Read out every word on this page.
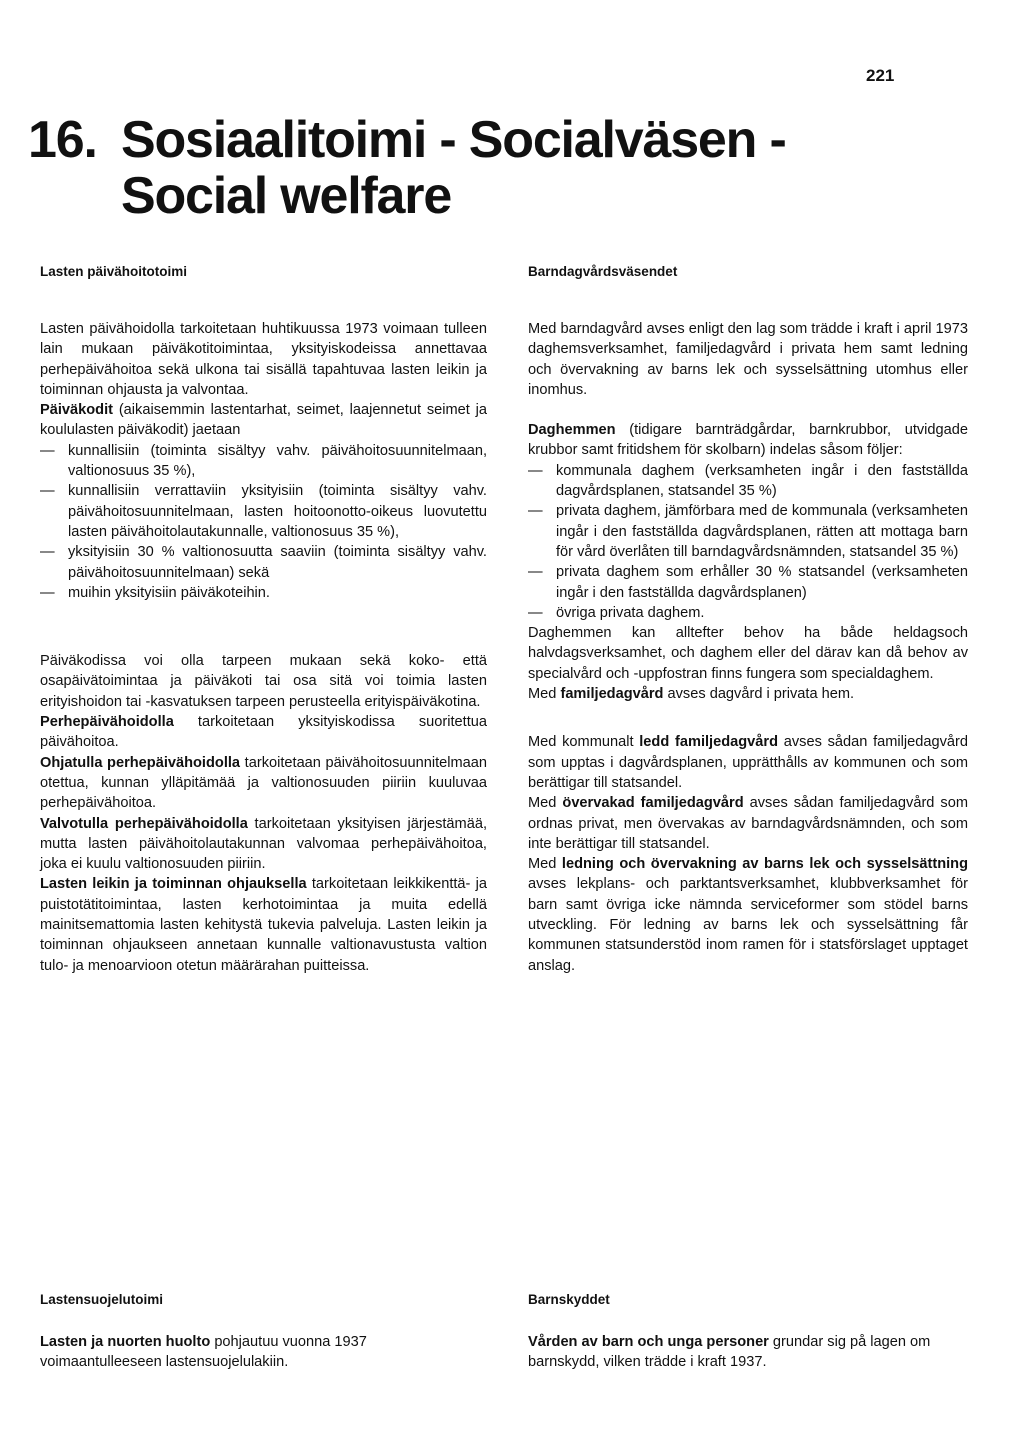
221
16. Sosiaalitoimi - Socialväsen -
Social welfare
Lasten päivähoitotoimi

Lasten päivähoidolla tarkoitetaan huhtikuussa 1973 voimaan tulleen lain mukaan päiväkotitoimintaa, yksityiskodeissa annettavaa perhepäivähoitoa sekä ulkona tai sisällä tapahtuvaa lasten leikin ja toiminnan ohjausta ja valvontaa.

Päiväkodit (aikaisemmin lastentarhat, seimet, laajennetut seimet ja koululasten päiväkodit) jaetaan

— kunnallisiin (toiminta sisältyy vahv. päivähoitosuunnitelmaan, valtionosuus 35 %),
— kunnallisiin verrattaviin yksityisiin (toiminta sisältyy vahv. päivähoitosuunnitelmaan, lasten hoitoonotto-oikeus luovutettu lasten päivähoitolautakunnalle, valtionosuus 35 %),
— yksityisiin 30 % valtionosuutta saaviin (toiminta sisältyy vahv. päivähoitosuunnitelmaan) sekä
— muihin yksityisiin päiväkoteihin.

Päiväkodissa voi olla tarpeen mukaan sekä koko- että osapäivätoimintaa ja päiväkoti tai osa sitä voi toimia lasten erityishoidon tai -kasvatuksen tarpeen perusteella erityispäiväkotina.

Perhepäivähoidolla tarkoitetaan yksityiskodissa suoritettua päivähoitoa.

Ohjatulla perhepäivähoidolla tarkoitetaan päivähoitosuunnitelmaan otettua, kunnan ylläpitämää ja valtionosuuden piiriin kuuluvaa perhepäivähoitoa.

Valvotulla perhepäivähoidolla tarkoitetaan yksityisen järjestämää, mutta lasten päivähoitolautakunnan valvomaa perhepäivähoitoa, joka ei kuulu valtionosuuden piiriin.

Lasten leikin ja toiminnan ohjauksella tarkoitetaan leikkikenttä- ja puistotätitoimintaa, lasten kerhotoimintaa ja muita edellä mainitsemattomia lasten kehitystä tukevia palveluja. Lasten leikin ja toiminnan ohjaukseen annetaan kunnalle valtionavustusta valtion tulo- ja menoarvioon otetun määrärahan puitteissa.

Barndagvårdsväsendet

Med barndagvård avses enligt den lag som trädde i kraft i april 1973 daghemsverksamhet, familjedagvård i privata hem samt ledning och övervakning av barns lek och sysselsättning utomhus eller inomhus.

Daghemmen (tidigare barnträdgårdar, barnkrubbor, utvidgade krubbor samt fritidshem för skolbarn) indelas såsom följer:

— kommunala daghem (verksamheten ingår i den fastställda dagvårdsplanen, statsandel 35 %)
— privata daghem, jämförbara med de kommunala (verksamheten ingår i den fastställda dagvårdsplanen, rätten att mottaga barn för vård överlåten till barndagvårdsnämnden, statsandel 35 %)
— privata daghem som erhåller 30 % statsandel (verksamheten ingår i den fastställda dagvårdsplanen)
— övriga privata daghem.

Daghemmen kan alltefter behov ha både heldagsoch halvdagsverksamhet, och daghem eller del därav kan då behov av specialvård och -uppfostran finns fungera som specialdaghem.

Med familjedagvård avses dagvård i privata hem.

Med kommunalt ledd familjedagvård avses sådan familjedagvård som upptas i dagvårdsplanen, upprätthålls av kommunen och som berättigar till statsandel.

Med övervakad familjedagvård avses sådan familjedagvård som ordnas privat, men övervakas av barndagvårdsnämnden, och som inte berättigar till statsandel.

Med ledning och övervakning av barns lek och sysselsättning avses lekplans- och parktantsverksamhet, klubbverksamhet för barn samt övriga icke nämnda serviceformer som stödel barns utveckling. För ledning av barns lek och sysselsättning får kommunen statsunderstöd inom ramen för i statsförslaget upptaget anslag.

Lastensuojelutoimi

Lasten ja nuorten huolto pohjautuu vuonna 1937 voimaantulleeseen lastensuojelulakiin.

Barnskyddet

Vården av barn och unga personer grundar sig på lagen om barnskydd, vilken trädde i kraft 1937.
